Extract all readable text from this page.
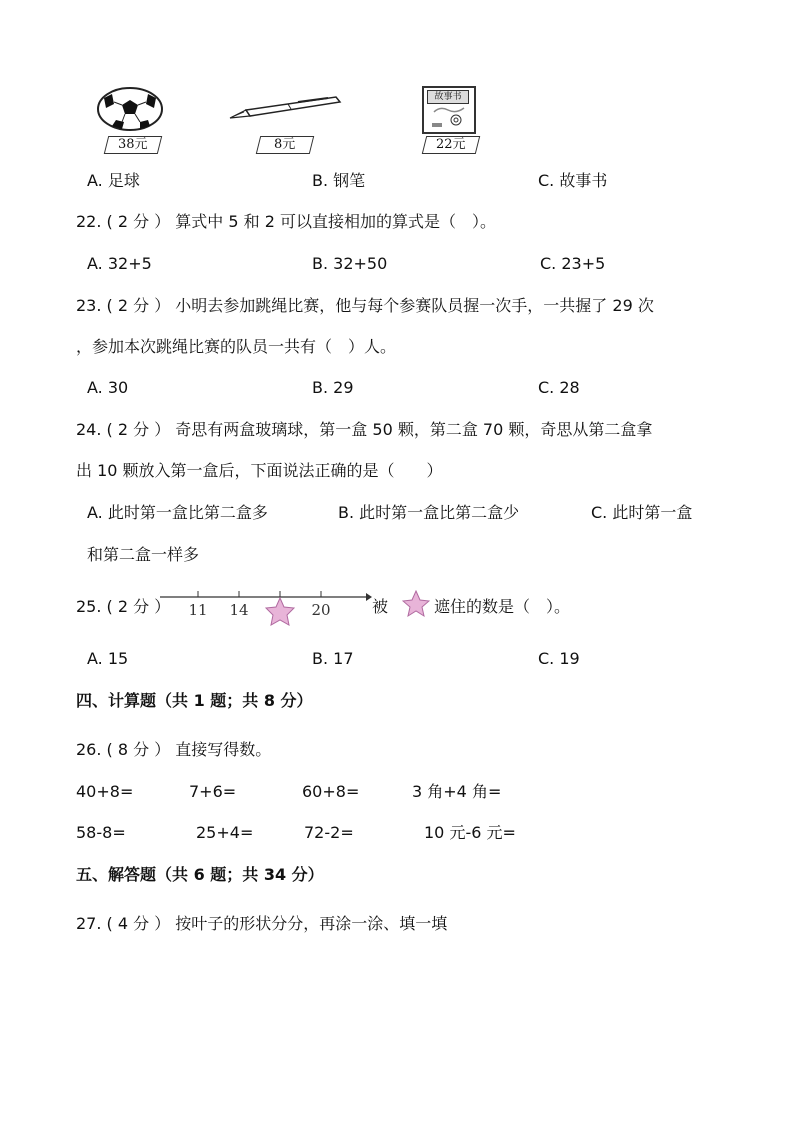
38元	8元
故事书
22元
A. 足球	B. 钢笔	C. 故事书
22. ( 2 分 ） 算式中 5 和 2 可以直接相加的算式是（　）。
A. 32+5	B. 32+50	C. 23+5
23. ( 2 分 ） 小明去参加跳绳比赛，他与每个参赛队员握一次手，一共握了 29 次
，参加本次跳绳比赛的队员一共有（　）人。
A. 30	B. 29	C. 28
24. ( 2 分 ） 奇思有两盒玻璃球，第一盒 50 颗，第二盒 70 颗，奇思从第二盒拿
出 10 颗放入第一盒后，下面说法正确的是（　　）
A. 此时第一盒比第二盒多	B. 此时第一盒比第二盒少	C. 此时第一盒
和第二盒一样多
25. ( 2 分 ） 11 14	20	被	遮住的数是（　）。
A. 15	B. 17	C. 19
四、计算题（共 1 题；共 8 分）
26. ( 8 分 ） 直接写得数。
40+8=	7+6=	60+8=	3 角+4 角=
58-8=	25+4=	72-2=	10 元-6 元=
五、解答题（共 6 题；共 34 分）
27. ( 4 分 ） 按叶子的形状分分，再涂一涂、填一填
